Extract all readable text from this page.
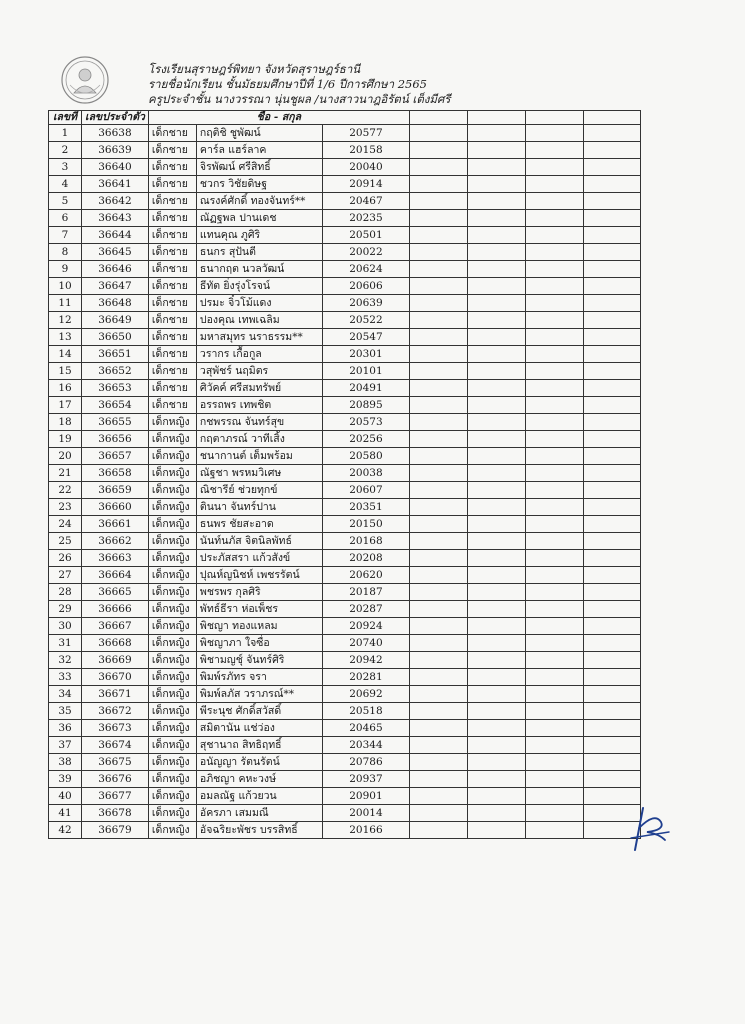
โรงเรียนสุราษฎร์พิทยา จังหวัดสุราษฎร์ธานี
รายชื่อนักเรียน ชั้นมัธยมศึกษาปีที่ 1/6 ปีการศึกษา 2565
ครูประจำชั้น นางวรรณา นุ่นชูผล /นางสาวนาฎอิรัตน์ เต็งมีศรี
เลขที่	เลขประจำตัว	ชื่อ - สกุล						
1	36638	เด็กชาย	กฤติชิ ชูพัฒน์	20577				
2	36639	เด็กชาย	คาร์ล แฮร์ลาค	20158				
3	36640	เด็กชาย	จิรพัฒน์ ศรีสิทธิ์	20040				
4	36641	เด็กชาย	ชวกร วิชัยดิษฐ	20914				
5	36642	เด็กชาย	ณรงค์ศักดิ์ ทองจันทร์**	20467				
6	36643	เด็กชาย	ณัฏฐพล ปานเดช	20235				
7	36644	เด็กชาย	แทนคุณ ภูศิริ	20501				
8	36645	เด็กชาย	ธนกร สุปันตี	20022				
9	36646	เด็กชาย	ธนากฤต นวลวัฒน์	20624				
10	36647	เด็กชาย	ธีทัต ยิ่งรุ่งโรจน์	20606				
11	36648	เด็กชาย	ปรมะ จิ๋วโม้แดง	20639				
12	36649	เด็กชาย	ปองคุณ เทพเฉลิม	20522				
13	36650	เด็กชาย	มหาสมุทร นราธรรม**	20547				
14	36651	เด็กชาย	วรากร เกื้อกูล	20301				
15	36652	เด็กชาย	วสุพัชร์ นฤมิตร	20101				
16	36653	เด็กชาย	ศิวัคค์ ศรีสมทรัพย์	20491				
17	36654	เด็กชาย	อรรถพร เทพชิต	20895				
18	36655	เด็กหญิง	กชพรรณ จันทร์สุข	20573				
19	36656	เด็กหญิง	กฤตาภรณ์ วาทีเสิ้ง	20256				
20	36657	เด็กหญิง	ชนากานต์ เต็มพร้อม	20580				
21	36658	เด็กหญิง	ณัฐชา พรหมวิเศษ	20038				
22	36659	เด็กหญิง	ณิชารีย์ ช่วยทุกข์	20607				
23	36660	เด็กหญิง	ตินนา จันทร์ปาน	20351				
24	36661	เด็กหญิง	ธนพร ชัยสะอาด	20150				
25	36662	เด็กหญิง	นันท์นภัส จิตนิลพัทธ์	20168				
26	36663	เด็กหญิง	ประภัสสรา แก้วสังข์	20208				
27	36664	เด็กหญิง	ปุณห์ญนิชห์ เพชรรัตน์	20620				
28	36665	เด็กหญิง	พชรพร กุลศิริ	20187				
29	36666	เด็กหญิง	พัทธ์ธีรา ห่อเพ็ชร	20287				
30	36667	เด็กหญิง	พิชญา ทองแหลม	20924				
31	36668	เด็กหญิง	พิชญาภา ใจซื่อ	20740				
32	36669	เด็กหญิง	พิชามญชุ์ จันทร์ศิริ	20942				
33	36670	เด็กหญิง	พิมพ์รภัทร จรา	20281				
34	36671	เด็กหญิง	พิมพ์ลภัส วราภรณ์**	20692				
35	36672	เด็กหญิง	พีระนุช ศักดิ์สวัสดิ์	20518				
36	36673	เด็กหญิง	สมิตานัน แช่ว่อง	20465				
37	36674	เด็กหญิง	สุชานาถ สิทธิฤทธิ์	20344				
38	36675	เด็กหญิง	อนัญญา รัตนรัตน์	20786				
39	36676	เด็กหญิง	อภิชญา คหะวงษ์	20937				
40	36677	เด็กหญิง	อมลณัฐ แก้วยวน	20901				
41	36678	เด็กหญิง	อัครภา เสมมณี	20014				
42	36679	เด็กหญิง	อัจฉริยะพัชร บรรสิทธิ์	20166				
